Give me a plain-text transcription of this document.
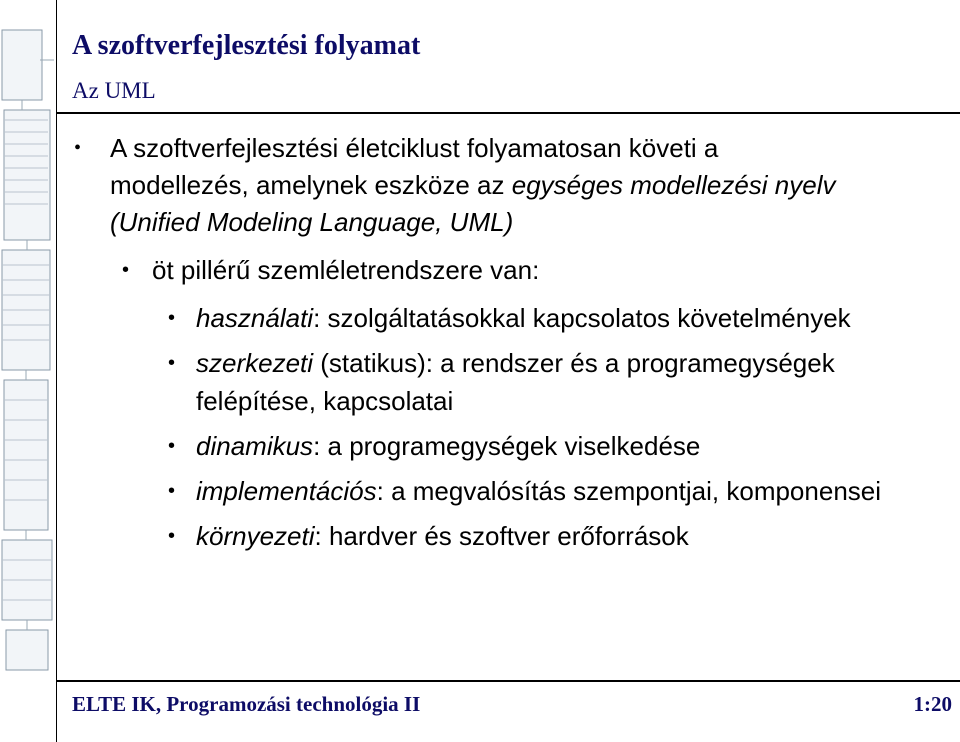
A szoftverfejlesztési folyamat
Az UML
• A szoftverfejlesztési életciklust folyamatosan követi a
modellezés, amelynek eszköze az egységes modellezési nyelv
(Unified Modeling Language, UML)
• öt pillérű szemléletrendszere van:
• használati: szolgáltatásokkal kapcsolatos követelmények
• szerkezeti (statikus): a rendszer és a programegységek felépítése, kapcsolatai
• dinamikus: a programegységek viselkedése
• implementációs: a megvalósítás szempontjai, komponensei
• környezeti: hardver és szoftver erőforrások
ELTE IK, Programozási technológia II	1:20
